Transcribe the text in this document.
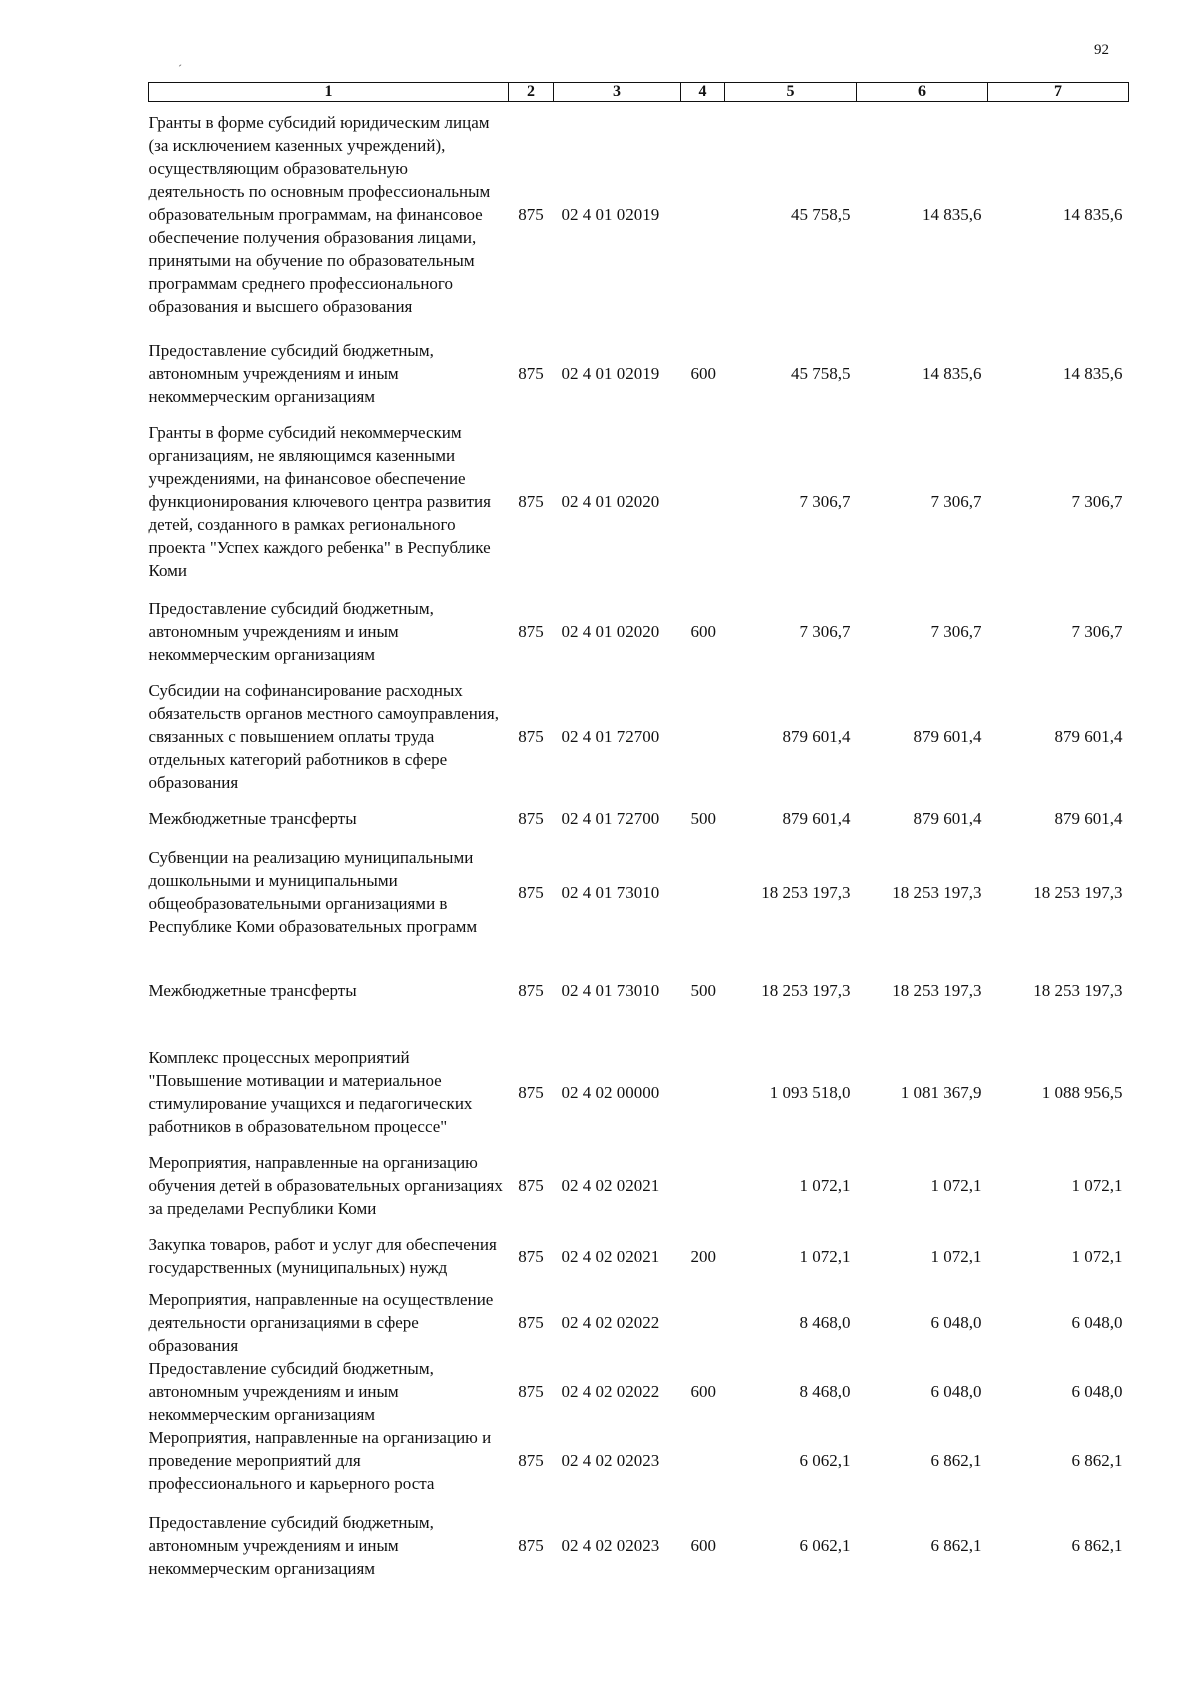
92
´
1	2	3	4	5	6	7
Гранты в форме субсидий юридическим лицам (за исключением казенных учреждений), осуществляющим образовательную деятельность по основным профессиональным образовательным программам, на финансовое обеспечение получения образования лицами, принятыми на обучение по образовательным программам среднего профессионального образования и высшего образования	875	02 4 01 02019		45 758,5	14 835,6	14 835,6
Предоставление субсидий бюджетным, автономным учреждениям и иным некоммерческим организациям	875	02 4 01 02019	600	45 758,5	14 835,6	14 835,6
Гранты в форме субсидий некоммерческим организациям, не являющимся казенными учреждениями, на финансовое обеспечение функционирования ключевого центра развития детей, созданного в рамках регионального проекта "Успех каждого ребенка" в Республике Коми	875	02 4 01 02020		7 306,7	7 306,7	7 306,7
Предоставление субсидий бюджетным, автономным учреждениям и иным некоммерческим организациям	875	02 4 01 02020	600	7 306,7	7 306,7	7 306,7
Субсидии на софинансирование расходных обязательств органов местного самоуправления, связанных с повышением оплаты труда отдельных категорий работников в сфере образования	875	02 4 01 72700		879 601,4	879 601,4	879 601,4
Межбюджетные трансферты	875	02 4 01 72700	500	879 601,4	879 601,4	879 601,4
Субвенции на реализацию муниципальными дошкольными и муниципальными общеобразовательными организациями в Республике Коми образовательных программ	875	02 4 01 73010		18 253 197,3	18 253 197,3	18 253 197,3
Межбюджетные трансферты	875	02 4 01 73010	500	18 253 197,3	18 253 197,3	18 253 197,3
Комплекс процессных мероприятий "Повышение мотивации и материальное стимулирование учащихся и педагогических работников в образовательном процессе"	875	02 4 02 00000		1 093 518,0	1 081 367,9	1 088 956,5
Мероприятия, направленные на организацию обучения детей в образовательных организациях за пределами Республики Коми	875	02 4 02 02021		1 072,1	1 072,1	1 072,1
Закупка товаров, работ и услуг для обеспечения государственных (муниципальных) нужд	875	02 4 02 02021	200	1 072,1	1 072,1	1 072,1
Мероприятия, направленные на осуществление деятельности организациями в сфере образования	875	02 4 02 02022		8 468,0	6 048,0	6 048,0
Предоставление субсидий бюджетным, автономным учреждениям и иным некоммерческим организациям	875	02 4 02 02022	600	8 468,0	6 048,0	6 048,0
Мероприятия, направленные на организацию и проведение мероприятий для профессионального и карьерного роста	875	02 4 02 02023		6 062,1	6 862,1	6 862,1
Предоставление субсидий бюджетным, автономным учреждениям и иным некоммерческим организациям	875	02 4 02 02023	600	6 062,1	6 862,1	6 862,1
